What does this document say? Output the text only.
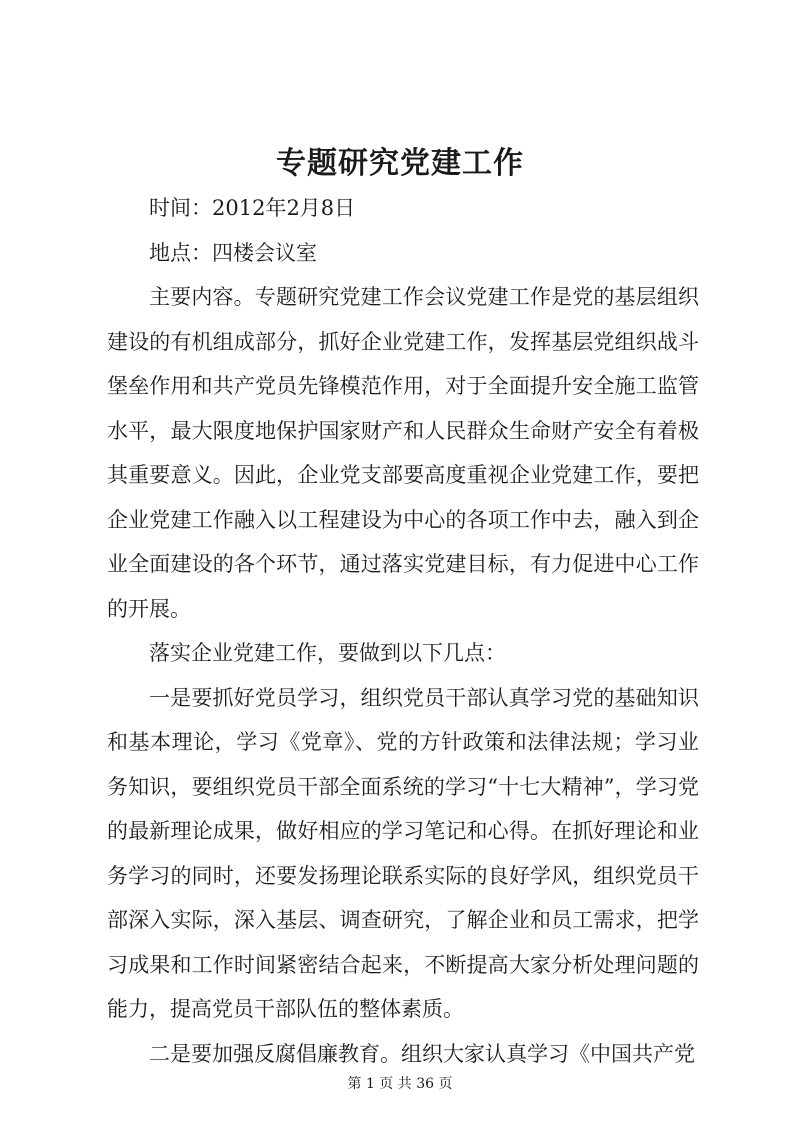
专题研究党建工作

时间：2012年2月8日

地点：四楼会议室

主要内容。专题研究党建工作会议党建工作是党的基层组织建设的有机组成部分，抓好企业党建工作，发挥基层党组织战斗堡垒作用和共产党员先锋模范作用，对于全面提升安全施工监管水平，最大限度地保护国家财产和人民群众生命财产安全有着极其重要意义。因此，企业党支部要高度重视企业党建工作，要把企业党建工作融入以工程建设为中心的各项工作中去，融入到企业全面建设的各个环节，通过落实党建目标，有力促进中心工作的开展。

落实企业党建工作，要做到以下几点：

一是要抓好党员学习，组织党员干部认真学习党的基础知识和基本理论，学习《党章》、党的方针政策和法律法规；学习业务知识，要组织党员干部全面系统的学习“十七大精神”，学习党的最新理论成果，做好相应的学习笔记和心得。在抓好理论和业务学习的同时，还要发扬理论联系实际的良好学风，组织党员干部深入实际，深入基层、调查研究，了解企业和员工需求，把学习成果和工作时间紧密结合起来，不断提高大家分析处理问题的能力，提高党员干部队伍的整体素质。

二是要加强反腐倡廉教育。组织大家认真学习《中国共产党

第 1 页 共 36 页
